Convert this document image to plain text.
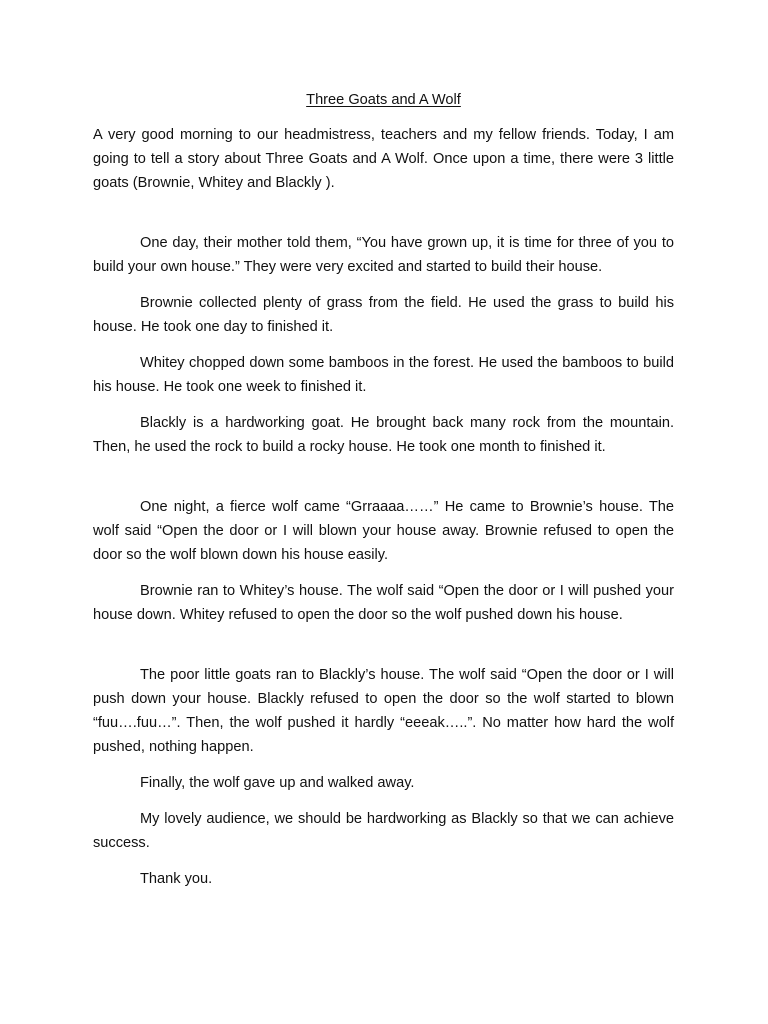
Three Goats and A Wolf

A very good morning to our headmistress, teachers and my fellow friends. Today, I am going to tell a story about Three Goats and A Wolf. Once upon a time, there were 3 little goats (Brownie, Whitey and Blackly ).

One day, their mother told them, “You have grown up, it is time for three of you to build your own house.” They were very excited and started to build their house.

Brownie collected plenty of grass from the field. He used the grass to build his house. He took one day to finished it.

Whitey chopped down some bamboos in the forest. He used the bamboos to build his house. He took one week to finished it.

Blackly is a hardworking goat. He brought back many rock from the mountain. Then, he used the rock to build a rocky house. He took one month to finished it.

One night, a fierce wolf came “Grraaaa……” He came to Brownie’s house. The wolf said “Open the door or I will blown your house away. Brownie refused to open the door so the wolf blown down his house easily.

Brownie ran to Whitey’s house. The wolf said “Open the door or I will pushed your house down. Whitey refused to open the door so the wolf pushed down his house.

The poor little goats ran to Blackly’s house. The wolf said “Open the door or I will push down your house. Blackly refused to open the door so the wolf started to blown “fuu….fuu…”. Then, the wolf pushed it hardly “eeeak…..”. No matter how hard the wolf pushed, nothing happen.

Finally, the wolf gave up and walked away.

My lovely audience, we should be hardworking as Blackly so that we can achieve success.

Thank you.
